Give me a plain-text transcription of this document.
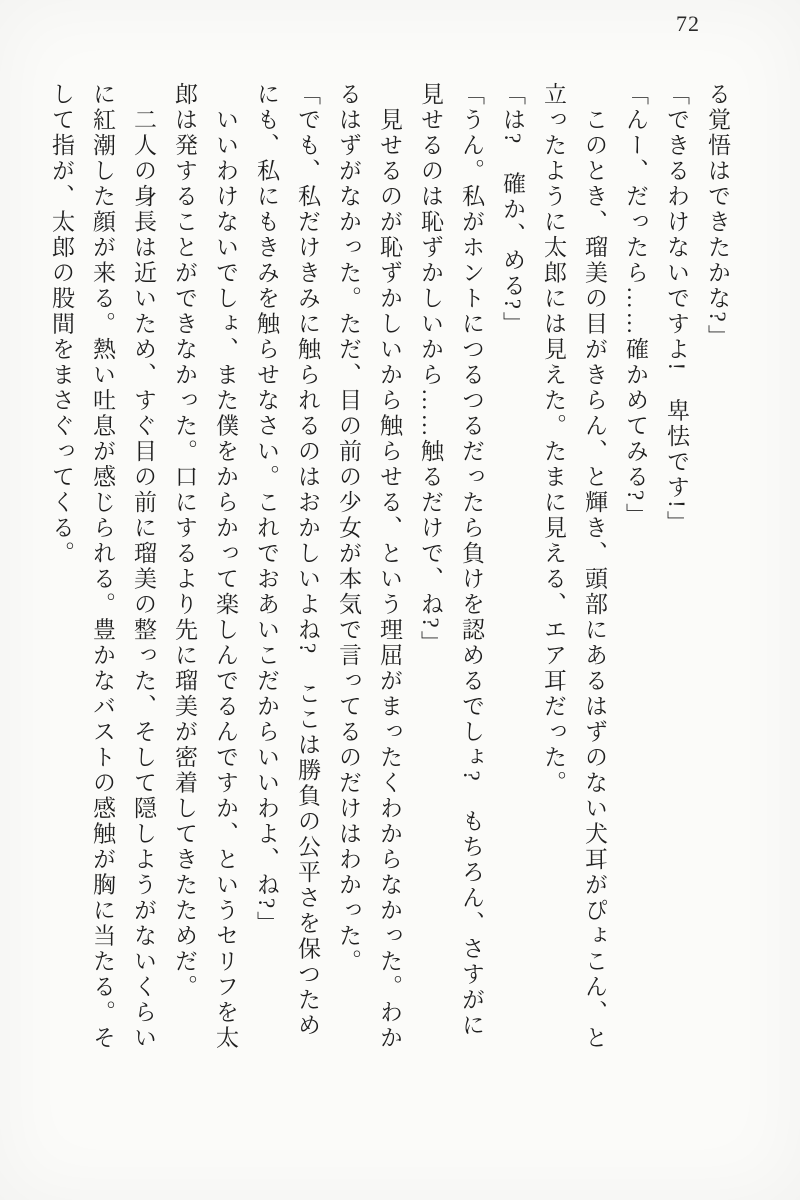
72

る覚悟はできたかな?」

「できるわけないですよ!　卑怯です!」

「んー、だったら……確かめてみる?」

　このとき、瑠美の目がきらん、と輝き、頭部にあるはずのない犬耳がぴょこん、と

立ったように太郎には見えた。たまに見える、エア耳だった。

「は?　確か、める?」

「うん。私がホントにつるつるだったら負けを認めるでしょ?　もちろん、さすがに

見せるのは恥ずかしいから……触るだけで、ね?」

　見せるのが恥ずかしいから触らせる、という理屈がまったくわからなかった。わか

るはずがなかった。ただ、目の前の少女が本気で言ってるのだけはわかった。

「でも、私だけきみに触られるのはおかしいよね?　ここは勝負の公平さを保つため

にも、私にもきみを触らせなさい。これでおあいこだからいいわよ、ね?」

　いいわけないでしょ、また僕をからかって楽しんでるんですか、というセリフを太

郎は発することができなかった。口にするより先に瑠美が密着してきたためだ。

　二人の身長は近いため、すぐ目の前に瑠美の整った、そして隠しようがないくらい

に紅潮した顔が来る。熱い吐息が感じられる。豊かなバストの感触が胸に当たる。そ

して指が、太郎の股間をまさぐってくる。
